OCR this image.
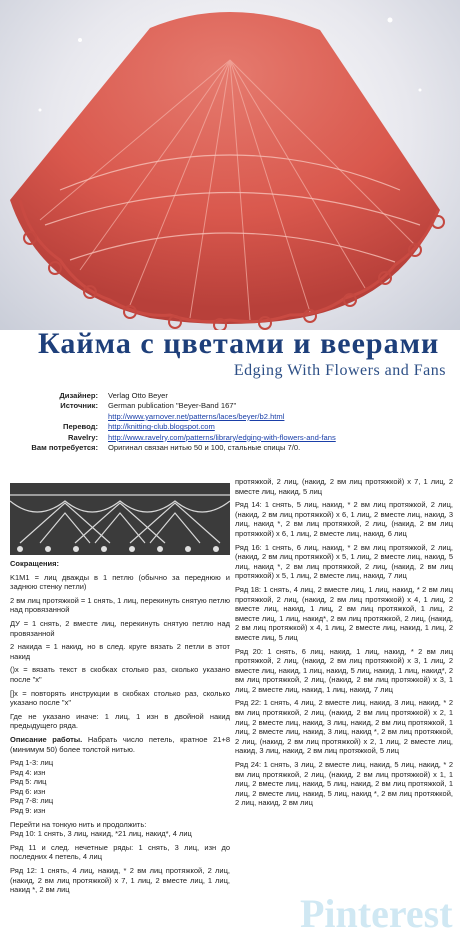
Кайма с цветами и веерами
Edging With Flowers and Fans
Дизайнер:	Verlag Otto Beyer
Источник:	German publication "Beyer-Band 167"
http://www.yarnover.net/patterns/laces/beyer/b2.html
Перевод:	http://knitting-club.blogspot.com
Ravelry:	http://www.ravelry.com/patterns/library/edging-with-flowers-and-fans
Вам потребуется:	Оригинал связан нитью 50 и 100, стальные спицы 7/0.

Сокращения:

K1M1 = лиц дважды в 1 петлю (обычно за переднюю и заднюю стенку петли)

2 вм лиц протяжкой = 1 снять, 1 лиц, перекинуть снятую петлю над провязанной

ДУ = 1 снять, 2 вместе лиц, перекинуть снятую петлю над провязанной

2 накида = 1 накид, но в след. круге вязать 2 петли в этот накид

()x = вязать текст в скобках столько раз, сколько указано после "x"

[]x = повторять инструкции в скобках столько раз, сколько указано после "x"

Где не указано иначе: 1 лиц, 1 изн в двойной накид предыдущего ряда.

Описание работы. Набрать число петель, кратное 21+8 (минимум 50) более толстой нитью.

Ряд 1-3: лиц

Ряд 4: изн

Ряд 5: лиц

Ряд 6: изн

Ряд 7-8: лиц

Ряд 9: изн

Перейти на тонкую нить и продолжить:
Ряд 10: 1 снять, 3 лиц, накид, *21 лиц, накид*, 4 лиц

Ряд 11 и след. нечетные ряды: 1 снять, 3 лиц, изн до последних 4 петель, 4 лиц

Ряд 12: 1 снять, 4 лиц, накид, * 2 вм лиц протяжкой, 2 лиц, (накид, 2 вм лиц протяжкой) x 7, 1 лиц, 2 вместе лиц, 1 лиц, накид *, 2 вм лиц

протяжкой, 2 лиц, (накид, 2 вм лиц протяжкой) x 7, 1 лиц, 2 вместе лиц, накид, 5 лиц

Ряд 14: 1 снять, 5 лиц, накид, * 2 вм лиц протяжкой, 2 лиц, (накид, 2 вм лиц протяжкой) x 6, 1 лиц, 2 вместе лиц, накид, 3 лиц, накид *, 2 вм лиц протяжкой, 2 лиц, (накид, 2 вм лиц протяжкой) x 6, 1 лиц, 2 вместе лиц, накид, 6 лиц

Ряд 16: 1 снять, 6 лиц, накид, * 2 вм лиц протяжкой, 2 лиц, (накид, 2 вм лиц протяжкой) x 5, 1 лиц, 2 вместе лиц, накид, 5 лиц, накид *, 2 вм лиц протяжкой, 2 лиц, (накид, 2 вм лиц протяжкой) x 5, 1 лиц, 2 вместе лиц, накид, 7 лиц

Ряд 18: 1 снять, 4 лиц, 2 вместе лиц, 1 лиц, накид, * 2 вм лиц протяжкой, 2 лиц, (накид, 2 вм лиц протяжкой) x 4, 1 лиц, 2 вместе лиц, накид, 1 лиц, 2 вм лиц протяжкой, 1 лиц, 2 вместе лиц, 1 лиц, накид*, 2 вм лиц протяжкой, 2 лиц, (накид, 2 вм лиц протяжкой) x 4, 1 лиц, 2 вместе лиц, накид, 1 лиц, 2 вместе лиц, 5 лиц

Ряд 20: 1 снять, 6 лиц, накид, 1 лиц, накид, * 2 вм лиц протяжкой, 2 лиц, (накид, 2 вм лиц протяжкой) x 3, 1 лиц, 2 вместе лиц, накид, 1 лиц, накид, 5 лиц, накид, 1 лиц, накид*, 2 вм лиц протяжкой, 2 лиц, (накид, 2 вм лиц протяжкой) x 3, 1 лиц, 2 вместе лиц, накид, 1 лиц, накид, 7 лиц

Ряд 22: 1 снять, 4 лиц, 2 вместе лиц, накид, 3 лиц, накид, * 2 вм лиц протяжкой, 2 лиц, (накид, 2 вм лиц протяжкой) x 2, 1 лиц, 2 вместе лиц, накид, 3 лиц, накид, 2 вм лиц протяжкой, 1 лиц, 2 вместе лиц, накид, 3 лиц, накид *, 2 вм лиц протяжкой, 2 лиц, (накид, 2 вм лиц протяжкой) x 2, 1 лиц, 2 вместе лиц, накид, 3 лиц, накид, 2 вм лиц протяжкой, 5 лиц

Ряд 24: 1 снять, 3 лиц, 2 вместе лиц, накид, 5 лиц, накид, * 2 вм лиц протяжкой, 2 лиц, (накид, 2 вм лиц протяжкой) x 1, 1 лиц, 2 вместе лиц, накид, 5 лиц, накид, 2 вм лиц протяжкой, 1 лиц, 2 вместе лиц, накид, 5 лиц, накид *, 2 вм лиц протяжкой, 2 лиц, накид, 2 вм лиц

Pinterest
